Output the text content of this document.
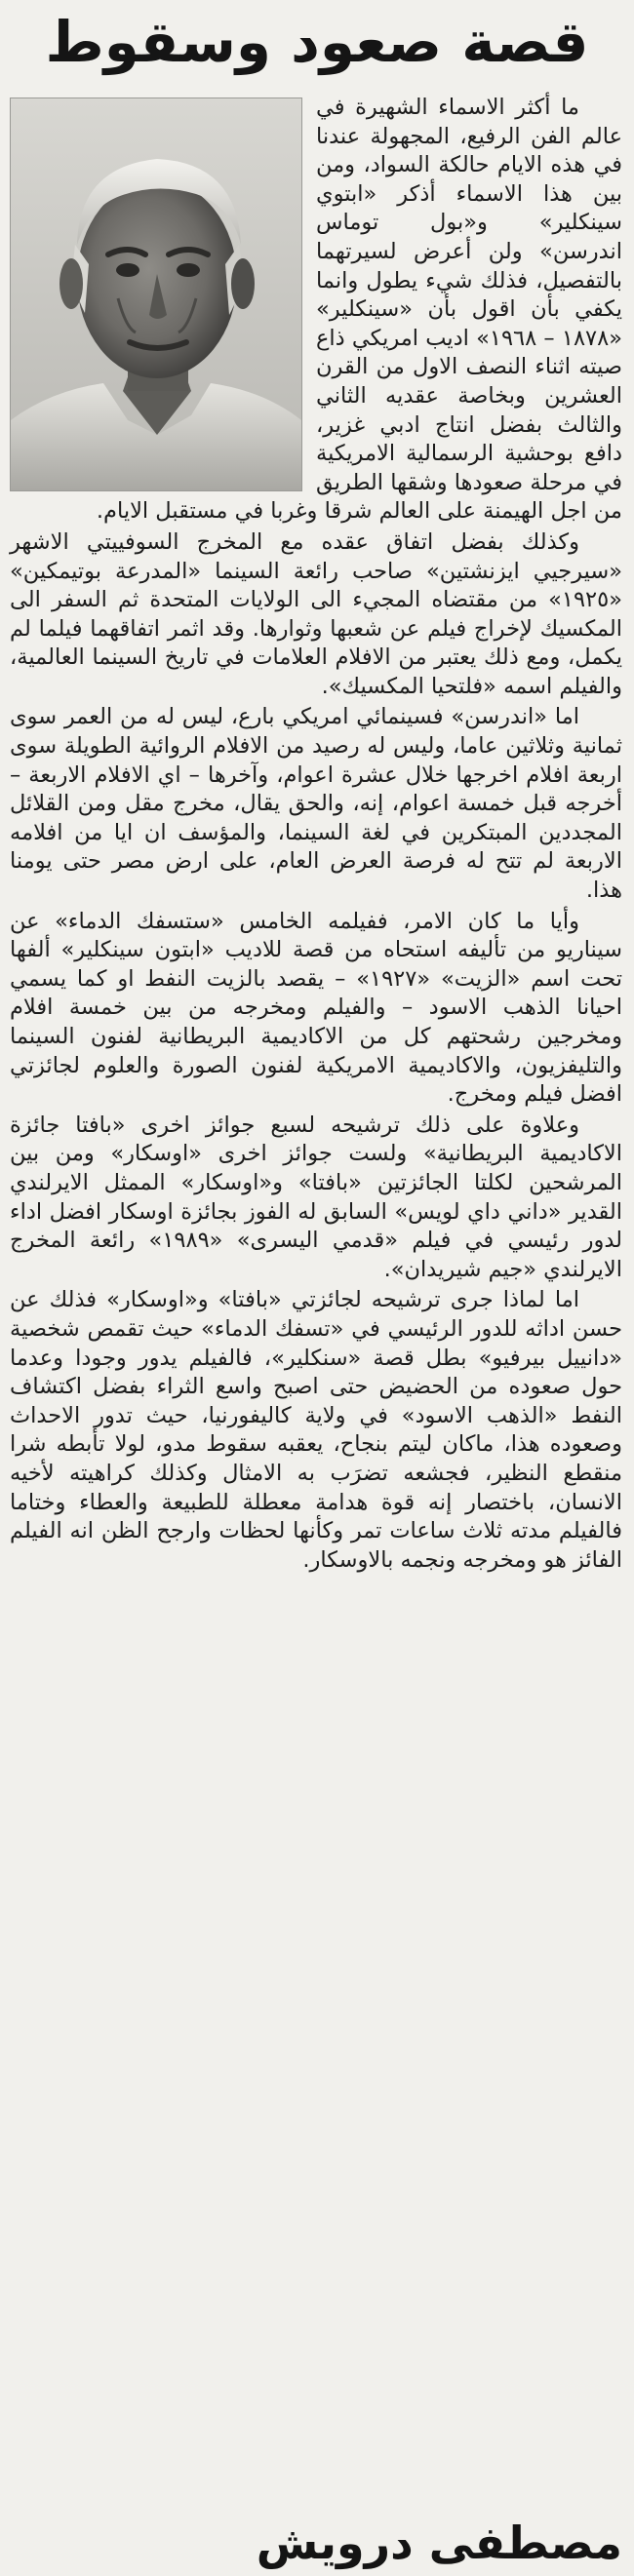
قصة صعود وسقوط

ما أكثر الاسماء الشهيرة في عالم الفن الرفيع، المجهولة عندنا في هذه الايام حالكة السواد، ومن بين هذا الاسماء أذكر «ابتوي سينكلير» و«بول توماس اندرسن» ولن أعرض لسيرتهما بالتفصيل، فذلك شيء يطول وانما يكفي بأن اقول بأن «سينكلير» «١٨٧٨ – ١٩٦٨» اديب امريكي ذاع صيته اثناء النصف الاول من القرن العشرين وبخاصة عقديه الثاني والثالث بفضل انتاج ادبي غزير، دافع بوحشية الرسمالية الامريكية في مرحلة صعودها وشقها الطريق من اجل الهيمنة على العالم شرقا وغربا في مستقبل الايام.

وكذلك بفضل اتفاق عقده مع المخرج السوفييتي الاشهر «سيرجيي ايزنشتين» صاحب رائعة السينما «المدرعة بوتيمكين» «١٩٢٥» من مقتضاه المجيء الى الولايات المتحدة ثم السفر الى المكسيك لإخراج فيلم عن شعبها وثوارها. وقد اثمر اتفاقهما فيلما لم يكمل، ومع ذلك يعتبر من الافلام العلامات في تاريخ السينما العالمية، والفيلم اسمه «فلتحيا المكسيك».

اما «اندرسن» فسينمائي امريكي بارع، ليس له من العمر سوى ثمانية وثلاثين عاما، وليس له رصيد من الافلام الروائية الطويلة سوى اربعة افلام اخرجها خلال عشرة اعوام، وآخرها – اي الافلام الاربعة – أخرجه قبل خمسة اعوام، إنه، والحق يقال، مخرج مقل ومن القلائل المجددين المبتكرين في لغة السينما، والمؤسف ان ايا من افلامه الاربعة لم تتح له فرصة العرض العام، على ارض مصر حتى يومنا هذا.

وأيا ما كان الامر، ففيلمه الخامس «ستسفك الدماء» عن سيناريو من تأليفه استحاه من قصة للاديب «ابتون سينكلير» ألفها تحت اسم «الزيت» «١٩٢٧» – يقصد بالزيت النفط او كما يسمي احيانا الذهب الاسود – والفيلم ومخرجه من بين خمسة افلام ومخرجين رشحتهم كل من الاكاديمية البريطانية لفنون السينما والتليفزيون، والاكاديمية الامريكية لفنون الصورة والعلوم لجائزتي افضل فيلم ومخرج.

وعلاوة على ذلك ترشيحه لسبع جوائز اخرى «بافتا جائزة الاكاديمية البريطانية» ولست جوائز اخرى «اوسكار» ومن بين المرشحين لكلتا الجائزتين «بافتا» و«اوسكار» الممثل الايرلندي القدير «داني داي لويس» السابق له الفوز بجائزة اوسكار افضل اداء لدور رئيسي في فيلم «قدمي اليسرى» «١٩٨٩» رائعة المخرج الايرلندي «جيم شيريدان».

اما لماذا جرى ترشيحه لجائزتي «بافتا» و«اوسكار» فذلك عن حسن اداثه للدور الرئيسي في «تسفك الدماء» حيث تقمص شخصية «دانييل بيرفيو» بطل قصة «سنكلير»، فالفيلم يدور وجودا وعدما حول صعوده من الحضيض حتى اصبح واسع الثراء بفضل اكتشاف النفط «الذهب الاسود» في ولاية كاليفورنيا، حيث تدور الاحداث وصعوده هذا، ماكان ليتم بنجاح، يعقبه سقوط مدو، لولا تأبطه شرا منقطع النظير، فجشعه تضرَب به الامثال وكذلك كراهيته لأخيه الانسان، باختصار إنه قوة هدامة معطلة للطبيعة والعطاء وختاما فالفيلم مدته ثلاث ساعات تمر وكأنها لحظات وارجح الظن انه الفيلم الفائز هو ومخرجه ونجمه بالاوسكار.

مصطفى درويش
